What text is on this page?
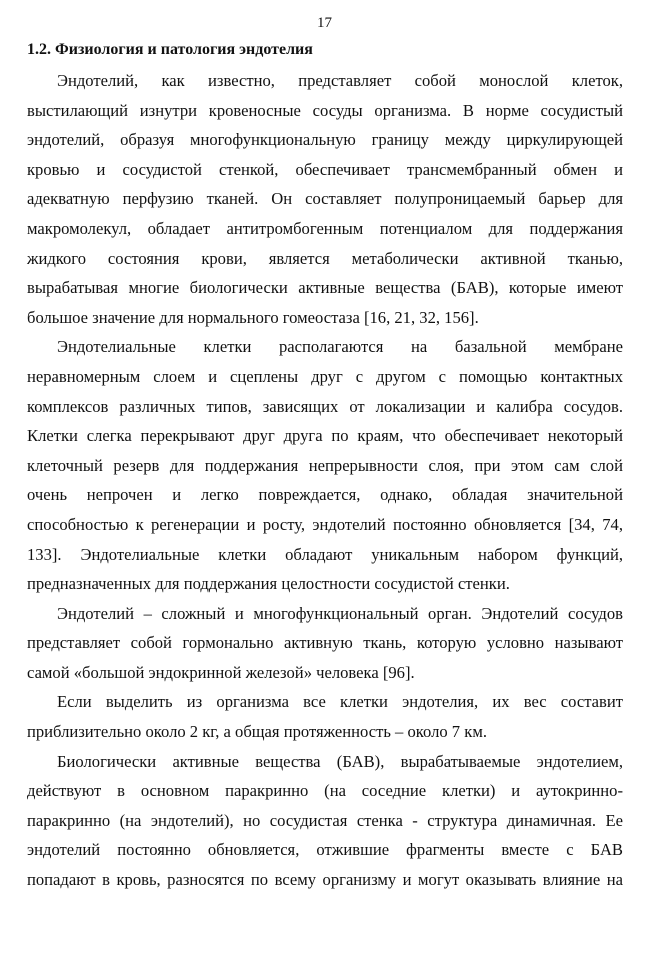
17
1.2. Физиология и патология эндотелия
Эндотелий, как известно, представляет собой монослой клеток,
выстилающий изнутри кровеносные сосуды организма. В норме сосудистый
эндотелий, образуя многофункциональную границу между циркулирующей
кровью и сосудистой стенкой, обеспечивает трансмембранный обмен и
адекватную перфузию тканей. Он составляет полупроницаемый барьер для
макромолекул, обладает антитромбогенным потенциалом для поддержания
жидкого состояния крови, является метаболически активной тканью,
вырабатывая многие биологически активные вещества (БАВ), которые имеют
большое значение для нормального гомеостаза [16, 21, 32, 156].
Эндотелиальные клетки располагаются на базальной мембране
неравномерным слоем и сцеплены друг с другом с помощью контактных
комплексов различных типов, зависящих от локализации и калибра сосудов.
Клетки слегка перекрывают друг друга по краям, что обеспечивает некоторый
клеточный резерв для поддержания непрерывности слоя, при этом сам слой
очень непрочен и легко повреждается, однако, обладая значительной
способностью к регенерации и росту, эндотелий постоянно обновляется [34, 74,
133]. Эндотелиальные клетки обладают уникальным набором функций,
предназначенных для поддержания целостности сосудистой стенки.
Эндотелий – сложный и многофункциональный орган. Эндотелий сосудов
представляет собой гормонально активную ткань, которую условно называют
самой «большой эндокринной железой» человека [96].
Если выделить из организма все клетки эндотелия, их вес составит
приблизительно около 2 кг, а общая протяженность – около 7 км.
Биологически активные вещества (БАВ), вырабатываемые эндотелием,
действуют в основном паракринно (на соседние клетки) и аутокринно-
паракринно (на эндотелий), но сосудистая стенка - структура динамичная. Ее
эндотелий постоянно обновляется, отжившие фрагменты вместе с БАВ
попадают в кровь, разносятся по всему организму и могут оказывать влияние на
